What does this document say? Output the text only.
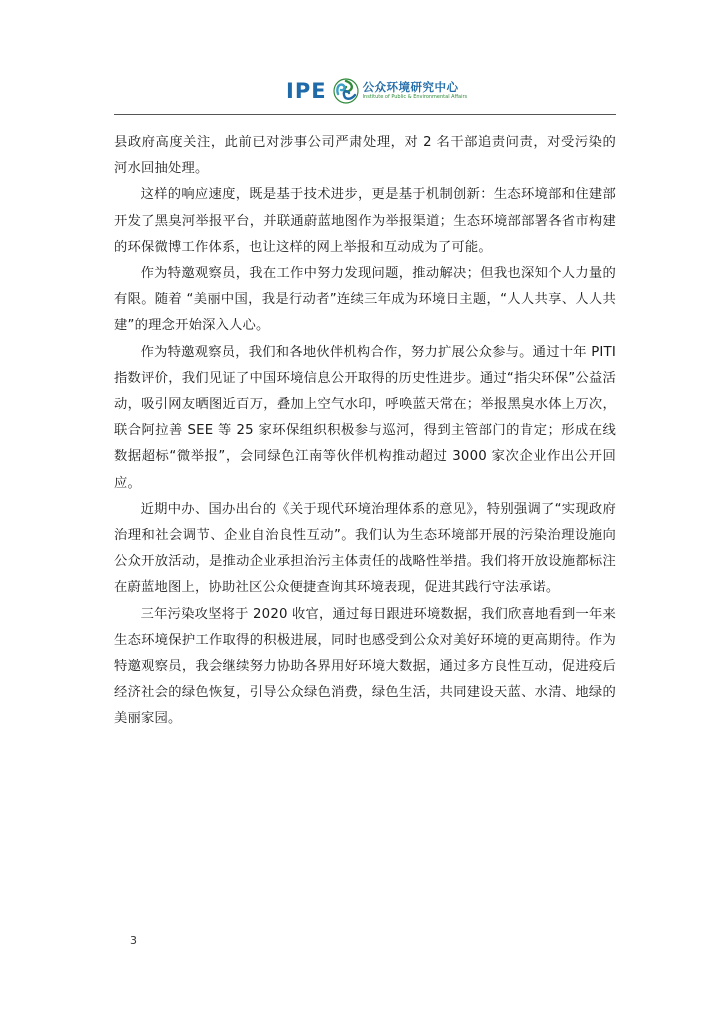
IPE	公众环境研究中心
Institute of Public & Environmental Affairs

县政府高度关注，此前已对涉事公司严肃处理，对 2 名干部追责问责，对受污染的河水回抽处理。

这样的响应速度，既是基于技术进步，更是基于机制创新：生态环境部和住建部开发了黑臭河举报平台，并联通蔚蓝地图作为举报渠道；生态环境部部署各省市构建的环保微博工作体系，也让这样的网上举报和互动成为了可能。

作为特邀观察员，我在工作中努力发现问题，推动解决；但我也深知个人力量的有限。随着 “美丽中国，我是行动者”连续三年成为环境日主题，“人人共享、人人共建”的理念开始深入人心。

作为特邀观察员，我们和各地伙伴机构合作，努力扩展公众参与。通过十年 PITI 指数评价，我们见证了中国环境信息公开取得的历史性进步。通过“指尖环保”公益活动，吸引网友晒图近百万，叠加上空气水印，呼唤蓝天常在；举报黑臭水体上万次，联合阿拉善 SEE 等 25 家环保组织积极参与巡河，得到主管部门的肯定；形成在线数据超标“微举报”，会同绿色江南等伙伴机构推动超过 3000 家次企业作出公开回应。

近期中办、国办出台的《关于现代环境治理体系的意见》，特别强调了“实现政府治理和社会调节、企业自治良性互动”。我们认为生态环境部开展的污染治理设施向公众开放活动，是推动企业承担治污主体责任的战略性举措。我们将开放设施都标注在蔚蓝地图上，协助社区公众便捷查询其环境表现，促进其践行守法承诺。

三年污染攻坚将于 2020 收官，通过每日跟进环境数据，我们欣喜地看到一年来生态环境保护工作取得的积极进展，同时也感受到公众对美好环境的更高期待。作为特邀观察员，我会继续努力协助各界用好环境大数据，通过多方良性互动，促进疫后经济社会的绿色恢复，引导公众绿色消费，绿色生活，共同建设天蓝、水清、地绿的美丽家园。

3
